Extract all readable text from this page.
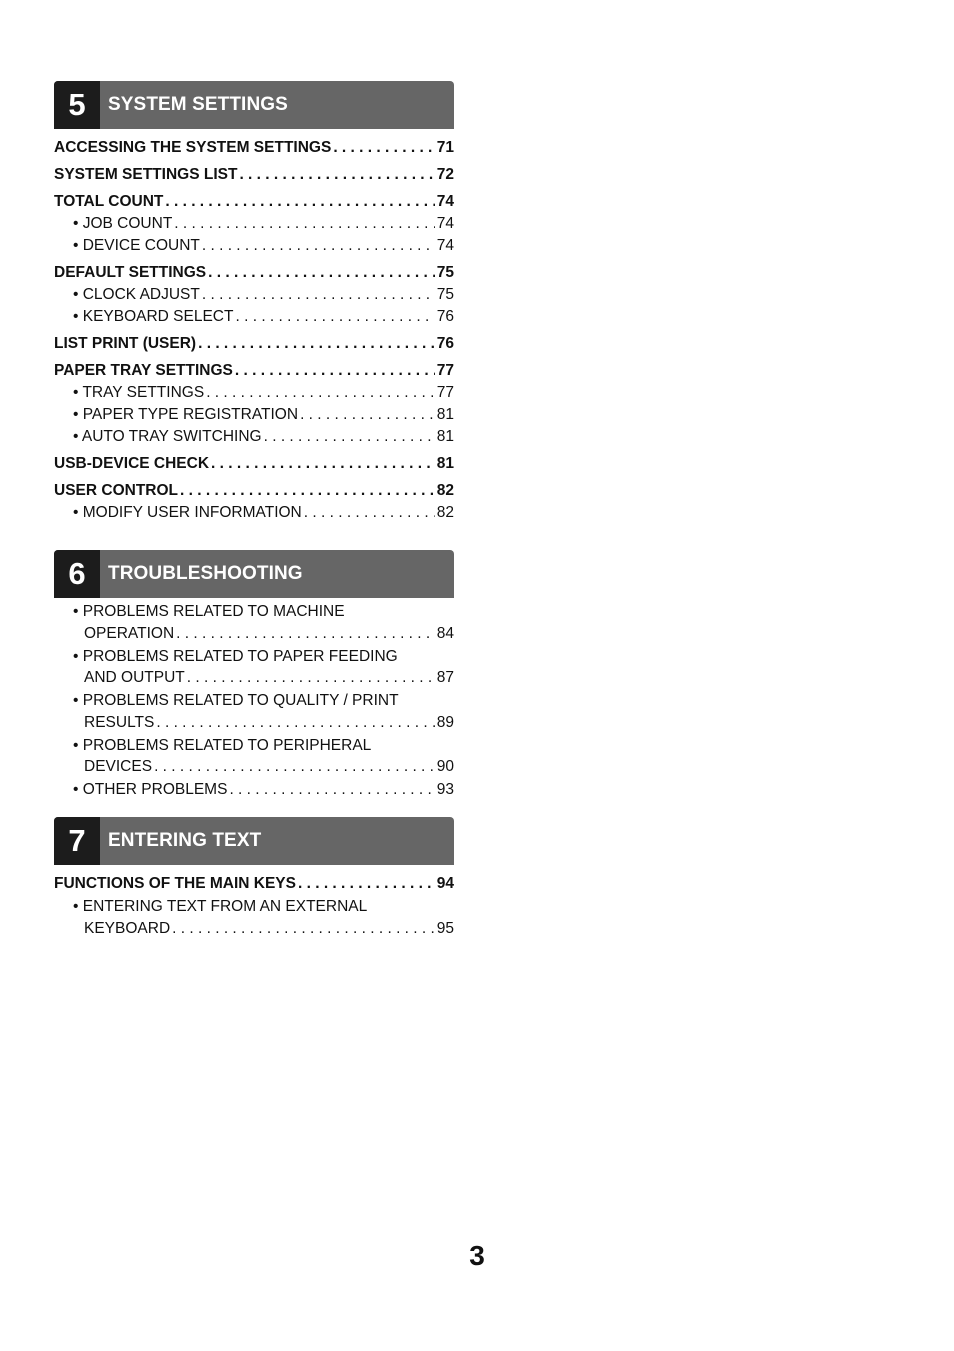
5	SYSTEM SETTINGS
ACCESSING THE SYSTEM SETTINGS . . .	71
SYSTEM SETTINGS LIST . . .	72
TOTAL COUNT . . .	74
• JOB COUNT . . .	74
• DEVICE COUNT . . .	74
DEFAULT SETTINGS . . .	75
• CLOCK ADJUST . . .	75
• KEYBOARD SELECT . . .	76
LIST PRINT (USER) . . .	76
PAPER TRAY SETTINGS . . .	77
• TRAY SETTINGS . . .	77
• PAPER TYPE REGISTRATION . . .	81
• AUTO TRAY SWITCHING . . .	81
USB-DEVICE CHECK . . .	81
USER CONTROL . . .	82
• MODIFY USER INFORMATION . . .	82
6	TROUBLESHOOTING
• PROBLEMS RELATED TO MACHINE
OPERATION . . .	84
• PROBLEMS RELATED TO PAPER FEEDING
AND OUTPUT . . .	87
• PROBLEMS RELATED TO QUALITY / PRINT
RESULTS . . .	89
• PROBLEMS RELATED TO PERIPHERAL
DEVICES . . .	90
• OTHER PROBLEMS . . .	93
7	ENTERING TEXT
FUNCTIONS OF THE MAIN KEYS . . .	94
• ENTERING TEXT FROM AN EXTERNAL
KEYBOARD . . .	95
3
